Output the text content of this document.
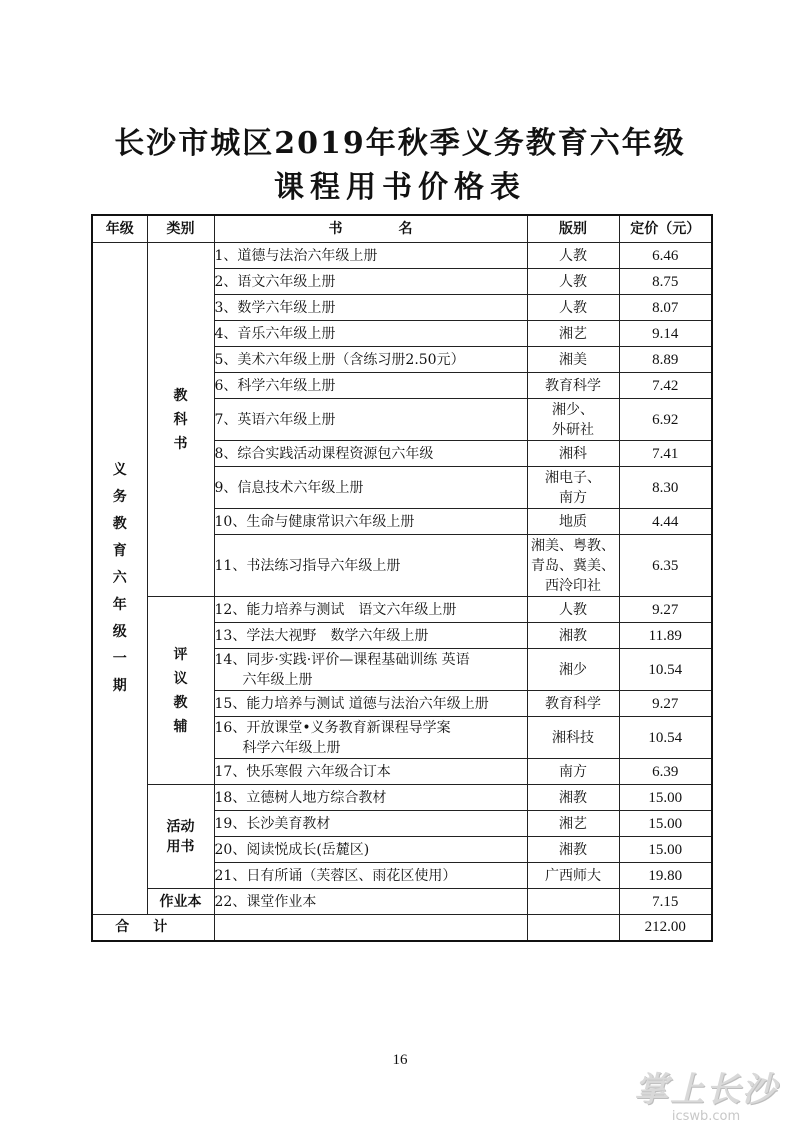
长沙市城区2019年秋季义务教育六年级
课程用书价格表
年级	类别	书　　　　名	版别	定价（元）
义务教育六年级一期	教科书	1、道德与法治六年级上册	人教	6.46
		2、语文六年级上册	人教	8.75
		3、数学六年级上册	人教	8.07
		4、音乐六年级上册	湘艺	9.14
		5、美术六年级上册（含练习册2.50元）	湘美	8.89
		6、科学六年级上册	教育科学	7.42
		7、英语六年级上册	湘少、
外研社	6.92
		8、综合实践活动课程资源包六年级	湘科	7.41
		9、信息技术六年级上册	湘电子、
南方	8.30
		10、生命与健康常识六年级上册	地质	4.44
		11、书法练习指导六年级上册	湘美、粤教、
青岛、冀美、
西泠印社	6.35
	评议教辅	12、能力培养与测试　语文六年级上册	人教	9.27
		13、学法大视野　数学六年级上册	湘教	11.89
		14、同步·实践·评价—课程基础训练 英语
　　六年级上册	湘少	10.54
		15、能力培养与测试 道德与法治六年级上册	教育科学	9.27
		16、开放课堂•义务教育新课程导学案
　　科学六年级上册	湘科技	10.54
		17、快乐寒假 六年级合订本	南方	6.39
	活动用书	18、立德树人地方综合教材	湘教	15.00
		19、长沙美育教材	湘艺	15.00
		20、阅读悦成长(岳麓区)	湘教	15.00
		21、日有所诵（芙蓉区、雨花区使用）	广西师大	19.80
	作业本	22、课堂作业本		7.15
合计				212.00
16
掌上长沙
icswb.com
